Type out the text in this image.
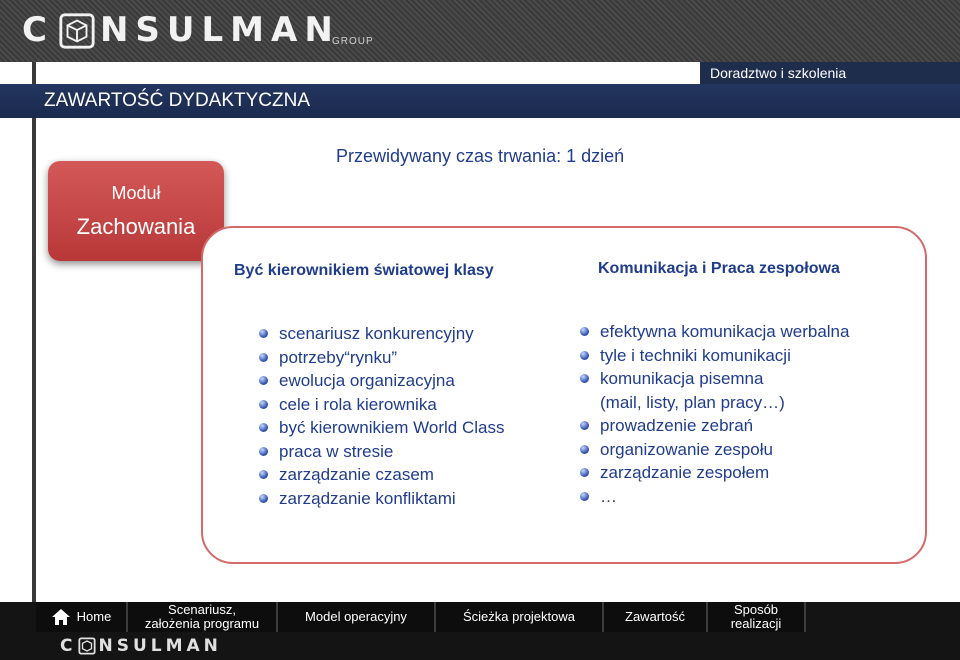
C NSULMAN
GROUP
Doradztwo i szkolenia
ZAWARTOŚĆ DYDAKTYCZNA
Przewidywany czas trwania: 1 dzień
Moduł
Zachowania
Być kierownikiem światowej klasy	Komunikacja i Praca zespołowa
scenariusz konkurencyjny
potrzeby“rynku”
ewolucja organizacyjna
cele i rola kierownika
być kierownikiem World Class
praca w stresie
zarządzanie czasem
zarządzanie konfliktami
efektywna komunikacja werbalna
tyle i techniki komunikacji
komunikacja pisemna
(mail, listy, plan pracy…)
prowadzenie zebrań
organizowanie zespołu
zarządzanie zespołem
…
Home	Scenariusz,
założenia programu	Model operacyjny	Ścieżka projektowa	Zawartość	Sposób
realizacji
C NSULMAN
